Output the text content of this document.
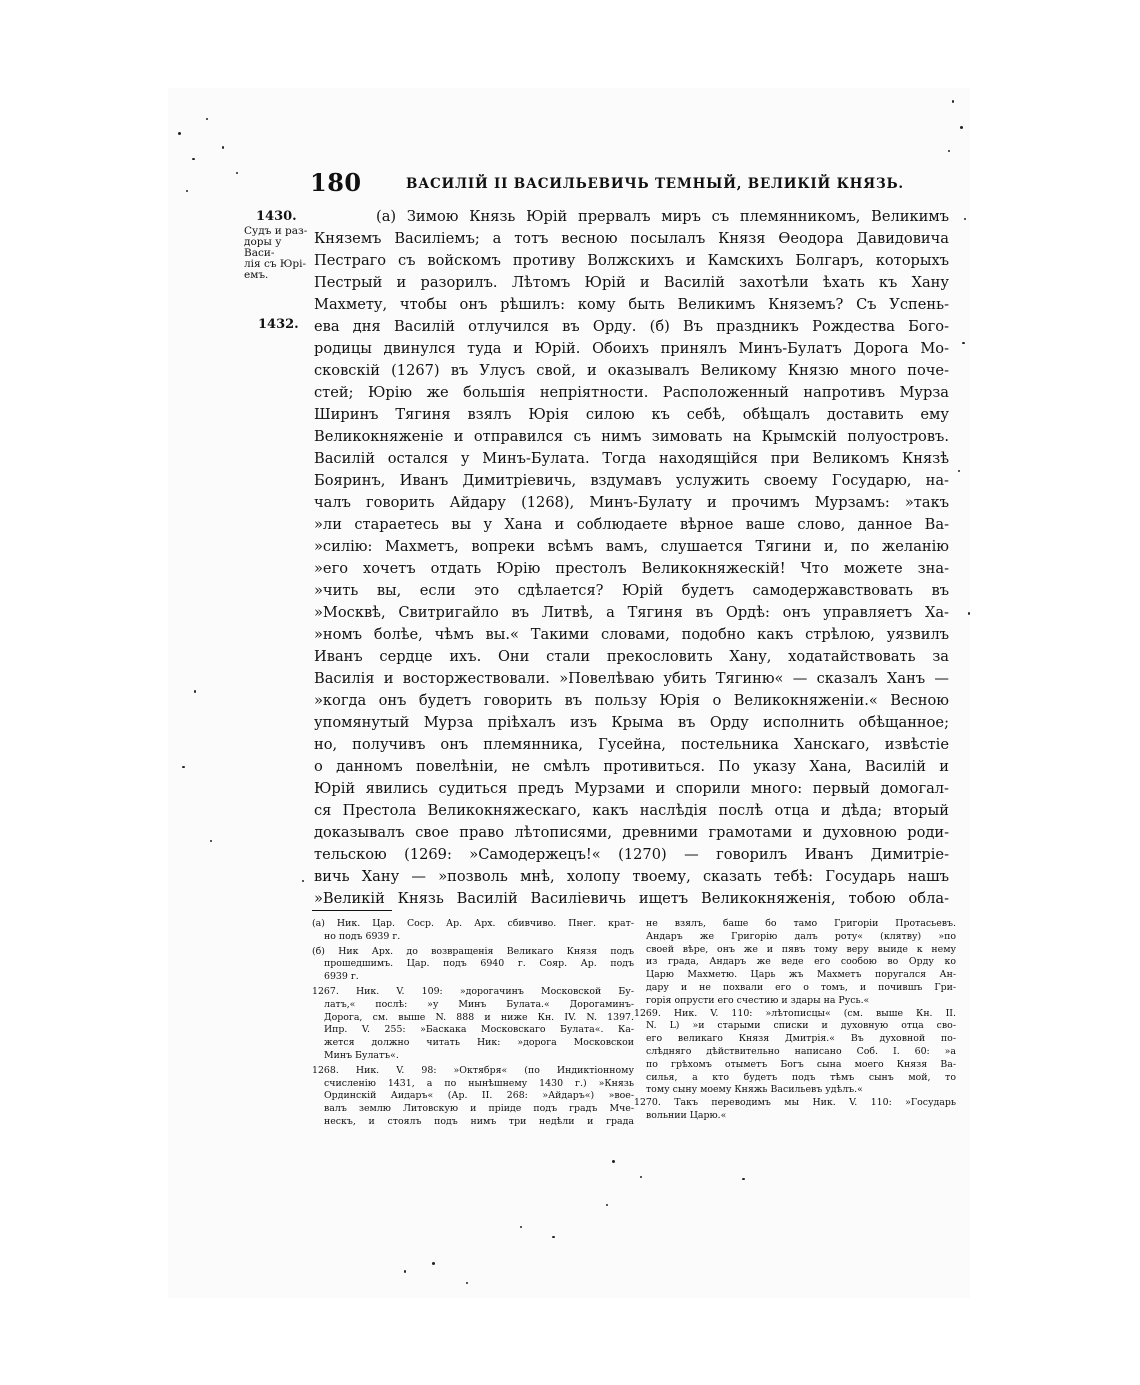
180	ВАСИЛІЙ ІІ ВАСИЛЬЕВИЧЬ ТЕМНЫЙ, ВЕЛИКІЙ КНЯЗЬ.
1430.
Судъ и раз-
доры у Васи-
лія съ Юрі-
емъ.
1432.
(а) Зимою Князь Юрій прервалъ миръ съ племянникомъ, Великимъ
Княземъ Василіемъ; а тотъ весною посылалъ Князя Ѳеодора Давидовича
Пестраго съ войскомъ противу Волжскихъ и Камскихъ Болгаръ, которыхъ
Пестрый и разорилъ. Лѣтомъ Юрій и Василій захотѣли ѣхать къ Хану
Махмету, чтобы онъ рѣшилъ: кому быть Великимъ Княземъ? Съ Успень-
ева дня Василій отлучился въ Орду. (б) Въ праздникъ Рождества Бого-
родицы двинулся туда и Юрій. Обоихъ принялъ Минъ-Булатъ Дорога Мо-
сковскій (1267) въ Улусъ свой, и оказывалъ Великому Князю много поче-
стей; Юрію же большія непріятности. Расположенный напротивъ Мурза
Ширинъ Тягиня взялъ Юрія силою къ себѣ, обѣщалъ доставить ему
Великокняженіе и отправился съ нимъ зимовать на Крымскій полуостровъ.
Василій остался у Минъ-Булата. Тогда находящійся при Великомъ Князѣ
Бояринъ, Иванъ Димитріевичь, вздумавъ услужить своему Государю, на-
чалъ говорить Айдару (1268), Минъ-Булату и прочимъ Мурзамъ: »такъ
»ли стараетесь вы у Хана и соблюдаете вѣрное ваше слово, данное Ва-
»силію: Махметъ, вопреки всѣмъ вамъ, слушается Тягини и, по желанію
»его хочетъ отдать Юрію престолъ Великокняжескій! Что можете зна-
»чить вы, если это сдѣлается? Юрій будетъ самодержавствовать въ
»Москвѣ, Свитригайло въ Литвѣ, а Тягиня въ Ордѣ: онъ управляетъ Ха-
»номъ болѣе, чѣмъ вы.« Такими словами, подобно какъ стрѣлою, уязвилъ
Иванъ сердце ихъ. Они стали прекословить Хану, ходатайствовать за
Василія и восторжествовали. »Повелѣваю убить Тягиню« — сказалъ Ханъ —
»когда онъ будетъ говорить въ пользу Юрія о Великокняженіи.« Весною
упомянутый Мурза пріѣхалъ изъ Крыма въ Орду исполнить обѣщанное;
но, получивъ онъ племянника, Гусейна, постельника Ханскаго, извѣстіе
о данномъ повелѣніи, не смѣлъ противиться. По указу Хана, Василій и
Юрій явились судиться предъ Мурзами и спорили много: первый домогал-
ся Престола Великокняжескаго, какъ наслѣдія послѣ отца и дѣда; вторый
доказывалъ свое право лѣтописями, древними грамотами и духовною роди-
тельскою (1269: »Самодержецъ!« (1270) — говорилъ Иванъ Димитріе-
вичь Хану — »позволь мнѣ, холопу твоему, сказать тебѣ: Государь нашъ
»Великій Князь Василій Василіевичь ищетъ Великокняженія, тобою обла-
(а) Ник. Цар. Соср. Ар. Арх. сбивчиво. Пнег. крат-
но подъ 6939 г.
(б) Ник Арх. до возвращенія Великаго Князя подъ
прошедшимъ. Цар. подъ 6940 г. Сояр. Ар. подъ
6939 г.
1267. Ник. V. 109: »дорогачинъ Московской Бу-
латъ,« послѣ: »у Минъ Булата.« Дорогаминъ-
Дорога, см. выше N. 888 и ниже Кн. IV. N. 1397.
Ипр. V. 255: »Баскака Московскаго Булата«. Ка-
жется должно читать Ник: »дорога Московскои
Минъ Булатъ«.
1268. Ник. V. 98: »Октября« (по Индиктіонному
счисленію 1431, а по нынѣшнему 1430 г.) »Князь
Ординскій Аидаръ« (Ар. II. 268: »Айдаръ«) »вое-
валъ землю Литовскую и пріиде подъ градъ Мче-
нескъ, и стоялъ подъ нимъ три недѣли и града
не взялъ, баше бо тамо Григоріи Протасьевъ.
Андаръ же Григорію далъ роту« (клятву) »по
своей вѣре, онъ же и пявъ тому веру выиде к нему
из града, Андаръ же веде его сообою во Орду ко
Царю Махметю. Царь жъ Махметъ поругался Ан-
дару и не похвали его о томъ, и почившъ Гри-
горія опрусти его счестию и здары на Русь.«
1269. Ник. V. 110: »лѣтописцы« (см. выше Кн. II.
N. L) »и старыми списки и духовную отца сво-
его великаго Князя Дмитрія.« Въ духовной по-
слѣдняго дѣйствительно написано Соб. I. 60: »а
по грѣхомъ отыметъ Богъ сына моего Князя Ва-
силья, а кто будетъ подъ тѣмъ сынъ мой, то
тому сыну моему Княжь Васильевъ удѣлъ.«
1270. Такъ переводимъ мы Ник. V. 110: »Государь
вольнии Царю.«
